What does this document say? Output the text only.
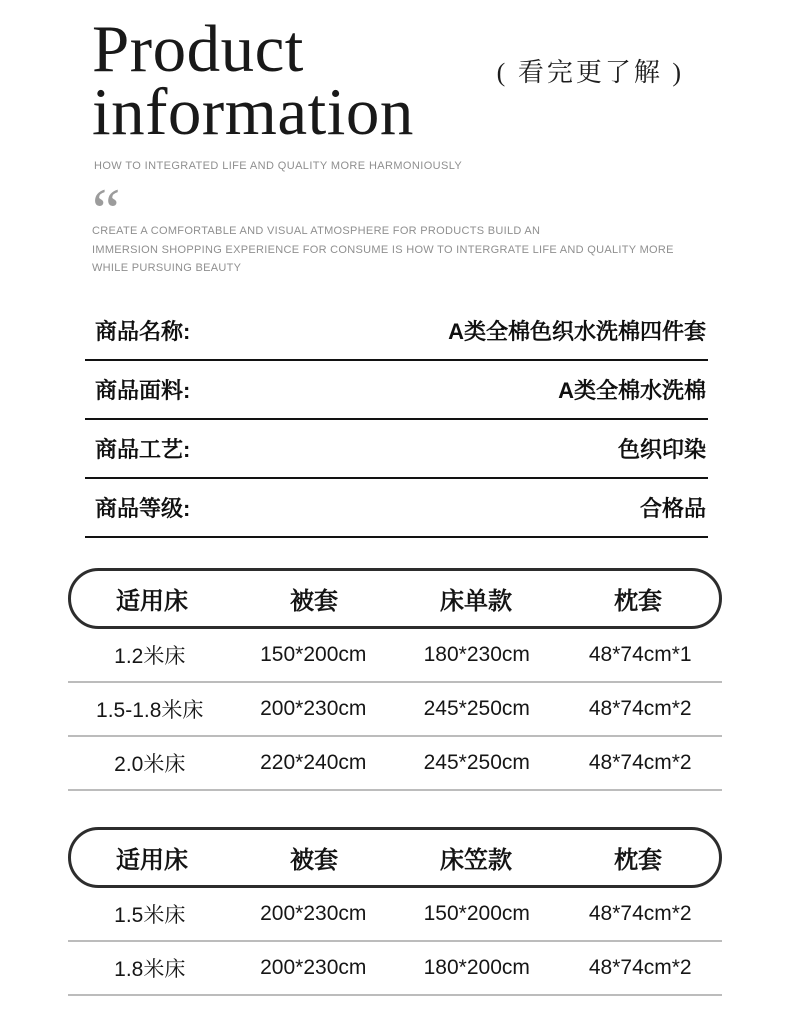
Product
information
( 看完更了解 )

HOW TO INTEGRATED LIFE AND QUALITY MORE HARMONIOUSLY

“

CREATE A COMFORTABLE AND VISUAL ATMOSPHERE FOR PRODUCTS BUILD AN

IMMERSION SHOPPING EXPERIENCE FOR CONSUME IS HOW TO INTERGRATE LIFE AND QUALITY MORE

WHILE PURSUING BEAUTY

商品名称:	A类全棉色织水洗棉四件套
商品面料:	A类全棉水洗棉
商品工艺:	色织印染
商品等级:	合格品
适用床	被套	床单款	枕套
1.2米床	150*200cm	180*230cm	48*74cm*1
1.5-1.8米床	200*230cm	245*250cm	48*74cm*2
2.0米床	220*240cm	245*250cm	48*74cm*2
适用床	被套	床笠款	枕套
1.5米床	200*230cm	150*200cm	48*74cm*2
1.8米床	200*230cm	180*200cm	48*74cm*2
